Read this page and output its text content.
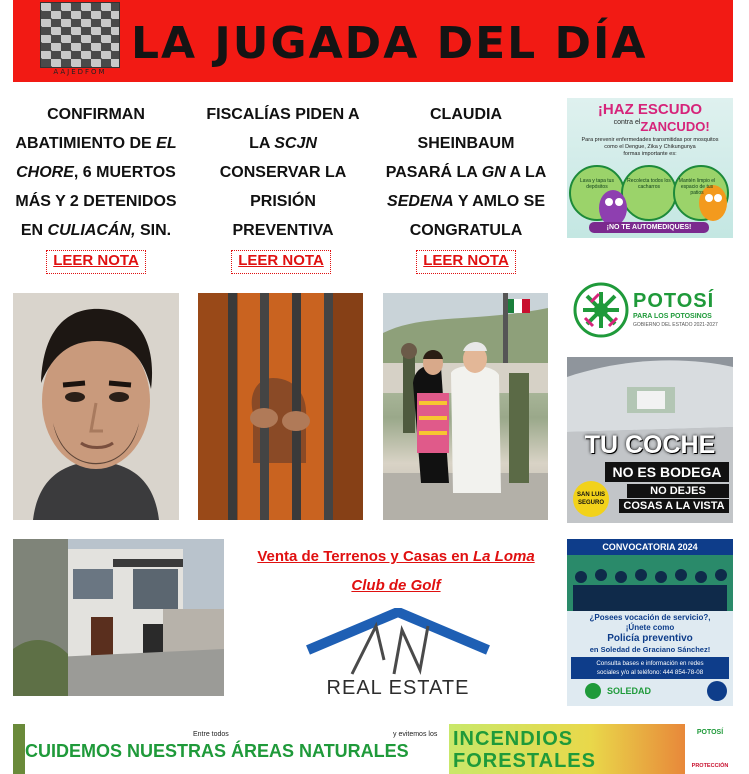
AAJEDFOM
LA JUGADA DEL DÍA
CONFIRMAN
ABATIMIENTO DE EL
CHORE, 6 MUERTOS
MÁS Y 2 DETENIDOS
EN CULIACÁN, SIN.
LEER NOTA
FISCALÍAS PIDEN A
LA SCJN
CONSERVAR LA
PRISIÓN
PREVENTIVA
LEER NOTA
CLAUDIA
SHEINBAUM
PASARÁ LA GN A LA
SEDENA Y AMLO SE
CONGRATULA
LEER NOTA
¡HAZ ESCUDO
contra el ZANCUDO!
Para prevenir enfermedades transmitidas por mosquitos como el Dengue, Zika y Chikungunya
formas importante es:
Lava y tapa tus depósitos
Recolecta todos los cacharros
Mantén limpio el espacio de tus patios
¡NO TE AUTOMEDIQUES!
POTOSÍ
PARA LOS POTOSINOS
GOBIERNO DEL ESTADO 2021-2027
TU COCHE
NO ES BODEGA
NO DEJES
COSAS A LA VISTA
SAN LUIS SEGURO
Venta de Terrenos y Casas en La Loma Club de Golf
REAL ESTATE
CONVOCATORIA 2024
¿Posees vocación de servicio?,
¡Únete como
Policía preventivo
en Soledad de Graciano Sánchez!
Consulta bases e información en redes
sociales y/o al teléfono: 444 854-78-08
SOLEDAD
Entre todos
CUIDEMOS NUESTRAS ÁREAS NATURALES
y evitemos los INCENDIOS
FORESTALES
POTOSÍ
PROTECCIÓN
